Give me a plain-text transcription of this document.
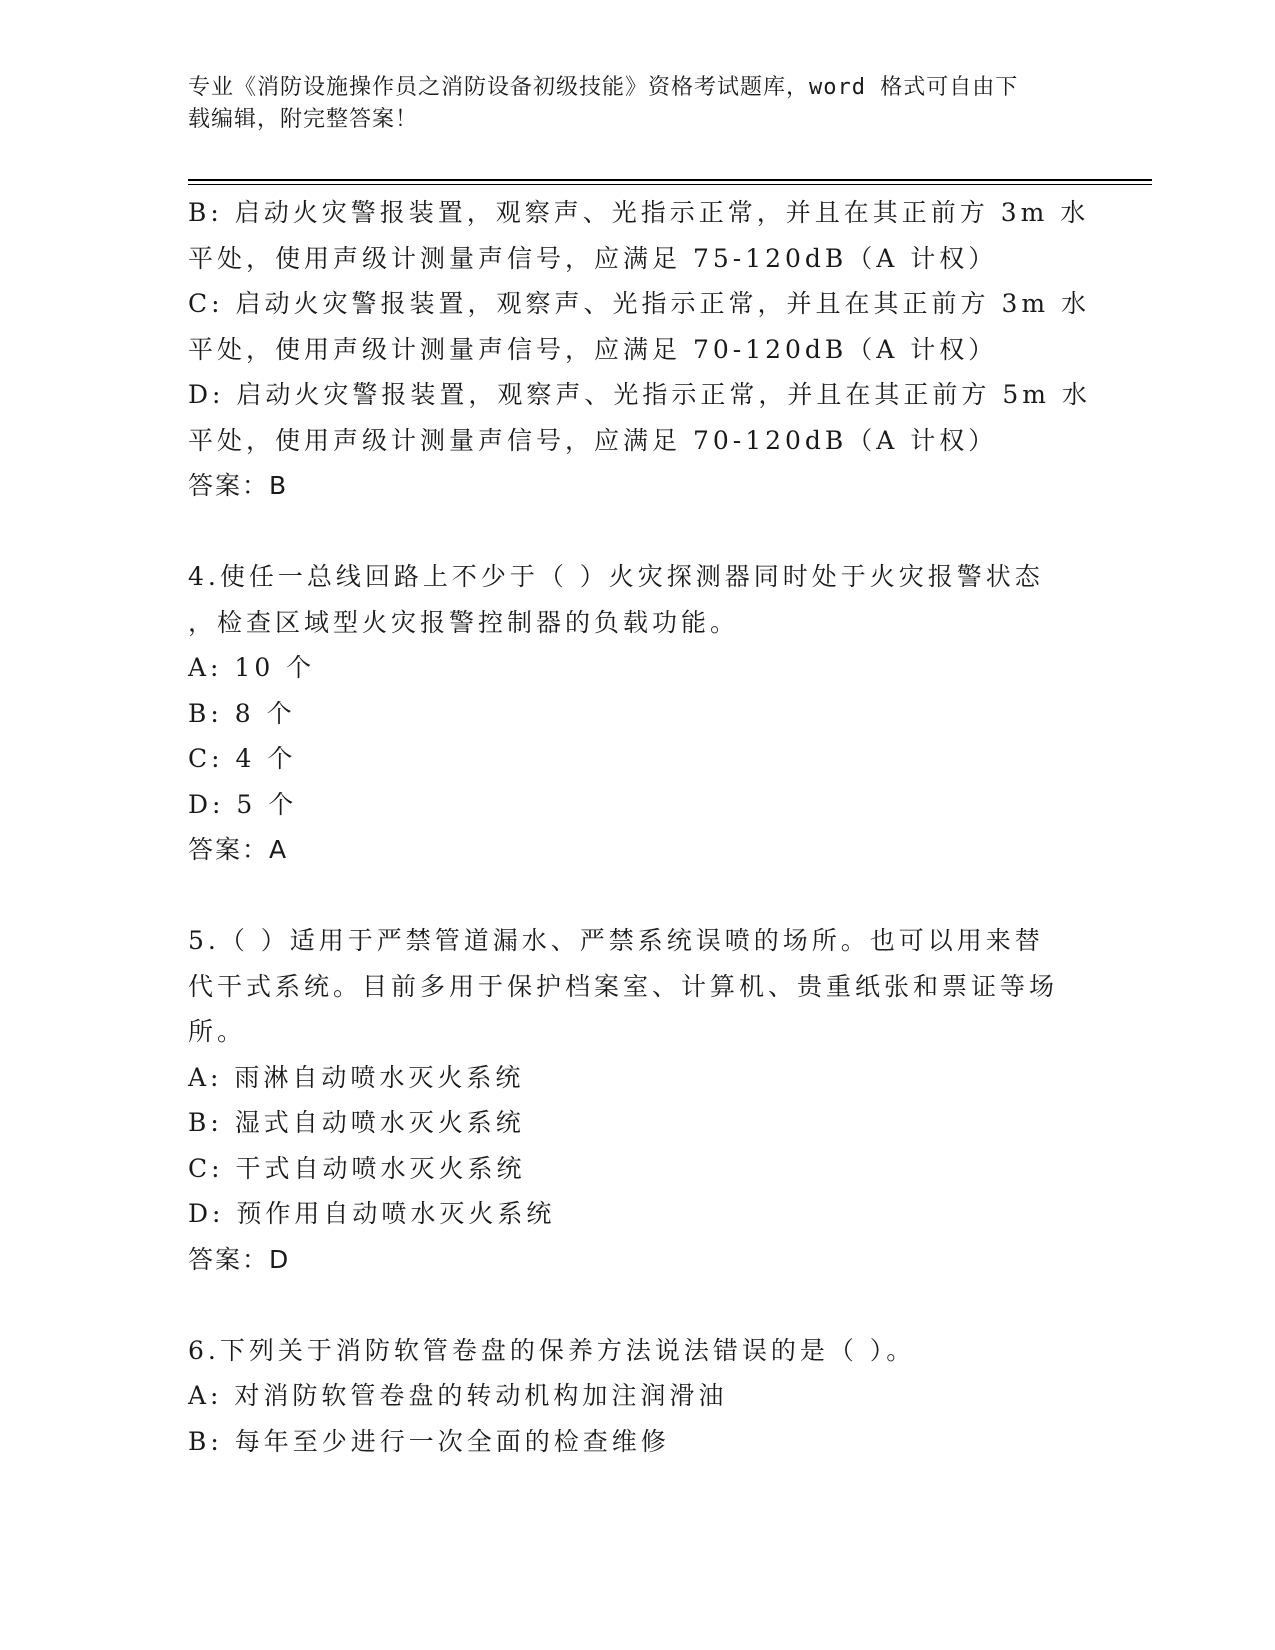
专业《消防设施操作员之消防设备初级技能》资格考试题库，word 格式可自由下
载编辑，附完整答案！
B: 启动火灾警报装置，观察声、光指示正常，并且在其正前方 3m 水
平处，使用声级计测量声信号，应满足 75-120dB（A 计权）
C: 启动火灾警报装置，观察声、光指示正常，并且在其正前方 3m 水
平处，使用声级计测量声信号，应满足 70-120dB（A 计权）
D: 启动火灾警报装置，观察声、光指示正常，并且在其正前方 5m 水
平处，使用声级计测量声信号，应满足 70-120dB（A 计权）
答案：B
4.使任一总线回路上不少于（ ）火灾探测器同时处于火灾报警状态
，检查区域型火灾报警控制器的负载功能。
A: 10 个
B: 8 个
C: 4 个
D: 5 个
答案：A
5.（ ）适用于严禁管道漏水、严禁系统误喷的场所。也可以用来替
代干式系统。目前多用于保护档案室、计算机、贵重纸张和票证等场
所。
A: 雨淋自动喷水灭火系统
B: 湿式自动喷水灭火系统
C: 干式自动喷水灭火系统
D: 预作用自动喷水灭火系统
答案：D
6.下列关于消防软管卷盘的保养方法说法错误的是（ ）。
A: 对消防软管卷盘的转动机构加注润滑油
B: 每年至少进行一次全面的检查维修
